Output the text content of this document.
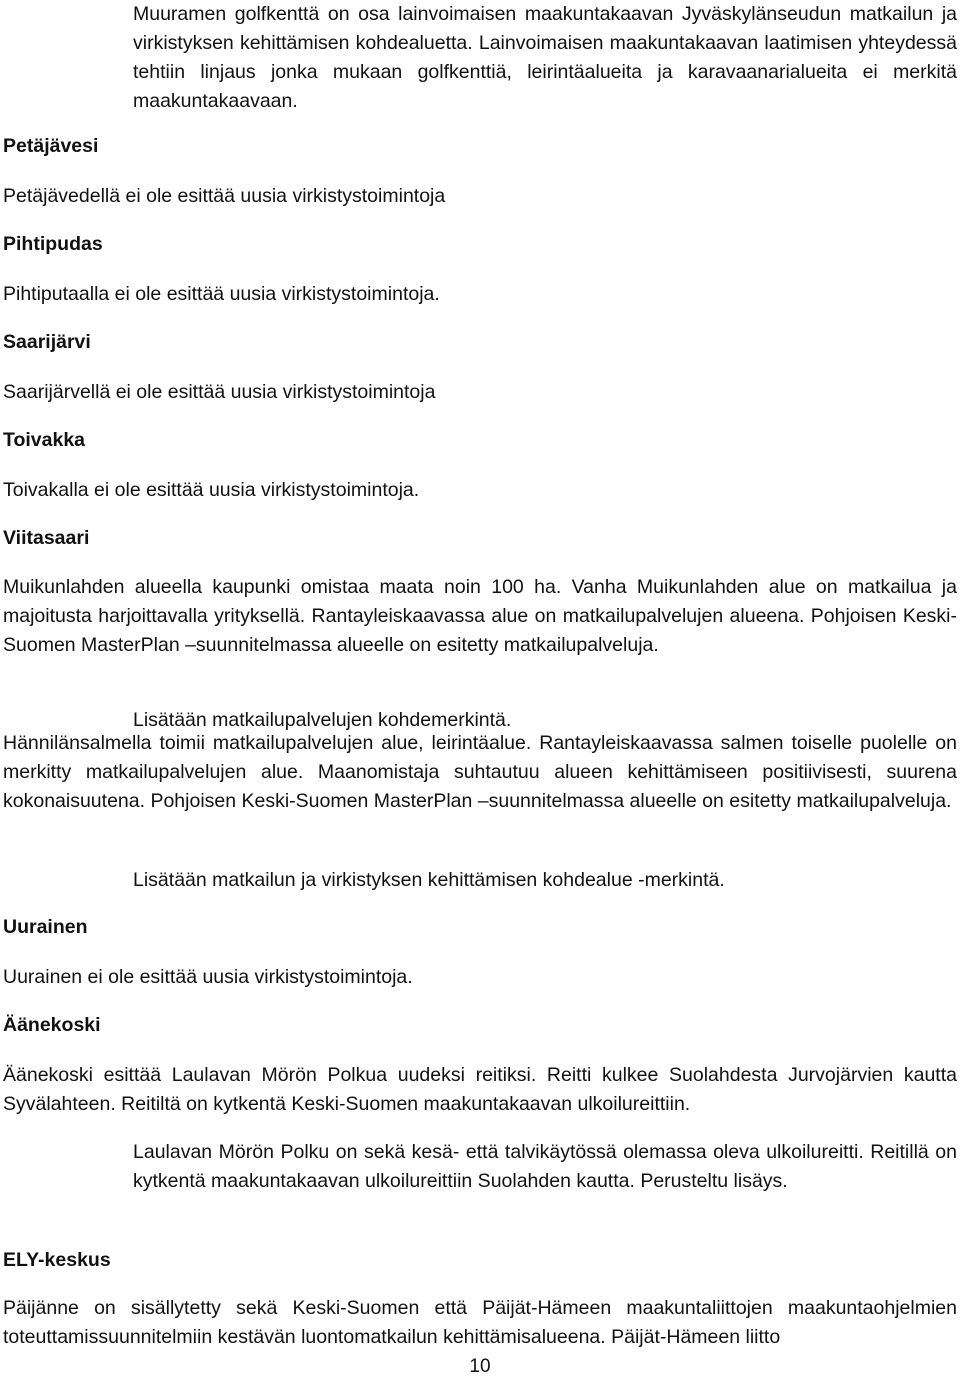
Muuramen golfkenttä on osa lainvoimaisen maakuntakaavan Jyväskylänseudun matkailun ja virkistyksen kehittämisen kohdealuetta. Lainvoimaisen maakuntakaavan laatimisen yhteydessä tehtiin linjaus jonka mukaan golfkenttiä, leirintäalueita ja karavaanarialueita ei merkitä maakuntakaavaan.

Petäjävesi

Petäjävedellä ei ole esittää uusia virkistystoimintoja

Pihtipudas

Pihtiputaalla ei ole esittää uusia virkistystoimintoja.

Saarijärvi

Saarijärvellä ei ole esittää uusia virkistystoimintoja

Toivakka

Toivakalla ei ole esittää uusia virkistystoimintoja.

Viitasaari

Muikunlahden alueella kaupunki omistaa maata noin 100 ha. Vanha Muikunlahden alue on matkailua ja majoitusta harjoittavalla yrityksellä. Rantayleiskaavassa alue on matkailupalvelujen alueena. Pohjoisen Keski-Suomen MasterPlan –suunnitelmassa alueelle on esitetty matkailupalveluja.

Lisätään matkailupalvelujen kohdemerkintä.

Hännilänsalmella toimii matkailupalvelujen alue, leirintäalue. Rantayleiskaavassa salmen toiselle puolelle on merkitty matkailupalvelujen alue. Maanomistaja suhtautuu alueen kehittämiseen positiivisesti, suurena kokonaisuutena. Pohjoisen Keski-Suomen MasterPlan –suunnitelmassa alueelle on esitetty matkailupalveluja.

Lisätään matkailun ja virkistyksen kehittämisen kohdealue -merkintä.

Uurainen

Uurainen ei ole esittää uusia virkistystoimintoja.

Äänekoski

Äänekoski esittää Laulavan Mörön Polkua uudeksi reitiksi. Reitti kulkee Suolahdesta Jurvojärvien kautta Syvälahteen. Reitiltä on kytkentä Keski-Suomen maakuntakaavan ulkoilureittiin.

Laulavan Mörön Polku on sekä kesä- että talvikäytössä olemassa oleva ulkoilureitti. Reitillä on kytkentä maakuntakaavan ulkoilureittiin Suolahden kautta. Perusteltu lisäys.

ELY-keskus

Päijänne on sisällytetty sekä Keski-Suomen että Päijät-Hämeen maakuntaliittojen maakuntaohjelmien toteuttamissuunnitelmiin kestävän luontomatkailun kehittämisalueena. Päijät-Hämeen liitto

10
